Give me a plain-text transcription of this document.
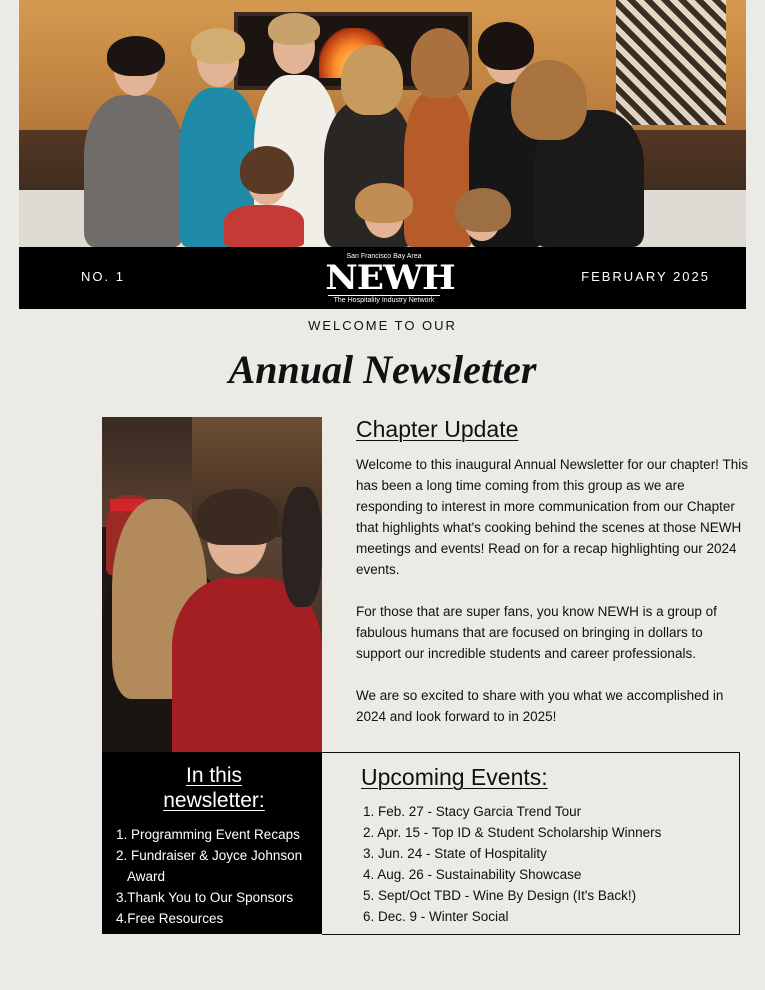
NO. 1
San Francisco Bay Area
NEWH
The Hospitality Industry Network
FEBRUARY 2025
WELCOME TO OUR
Annual Newsletter
Chapter Update

Welcome to this inaugural Annual Newsletter for our chapter! This has been a long time coming from this group as we are responding to interest in more communication from our Chapter that highlights what's cooking behind the scenes at those NEWH meetings and events! Read on for a recap highlighting our 2024 events.

For those that are super fans, you know NEWH is a group of fabulous humans that are focused on bringing in dollars to support our incredible students and career professionals.

We are so excited to share with you what we accomplished in 2024 and look forward to in 2025!

In this
newsletter:
1. Programming Event Recaps
2. Fundraiser & Joyce Johnson
Award
3.Thank You to Our Sponsors
4.Free Resources
Upcoming Events:
1. Feb. 27 - Stacy Garcia Trend Tour
2. Apr. 15 - Top ID & Student Scholarship Winners
3. Jun. 24 - State of Hospitality
4. Aug. 26 - Sustainability Showcase
5. Sept/Oct TBD - Wine By Design (It's Back!)
6. Dec. 9 - Winter Social
